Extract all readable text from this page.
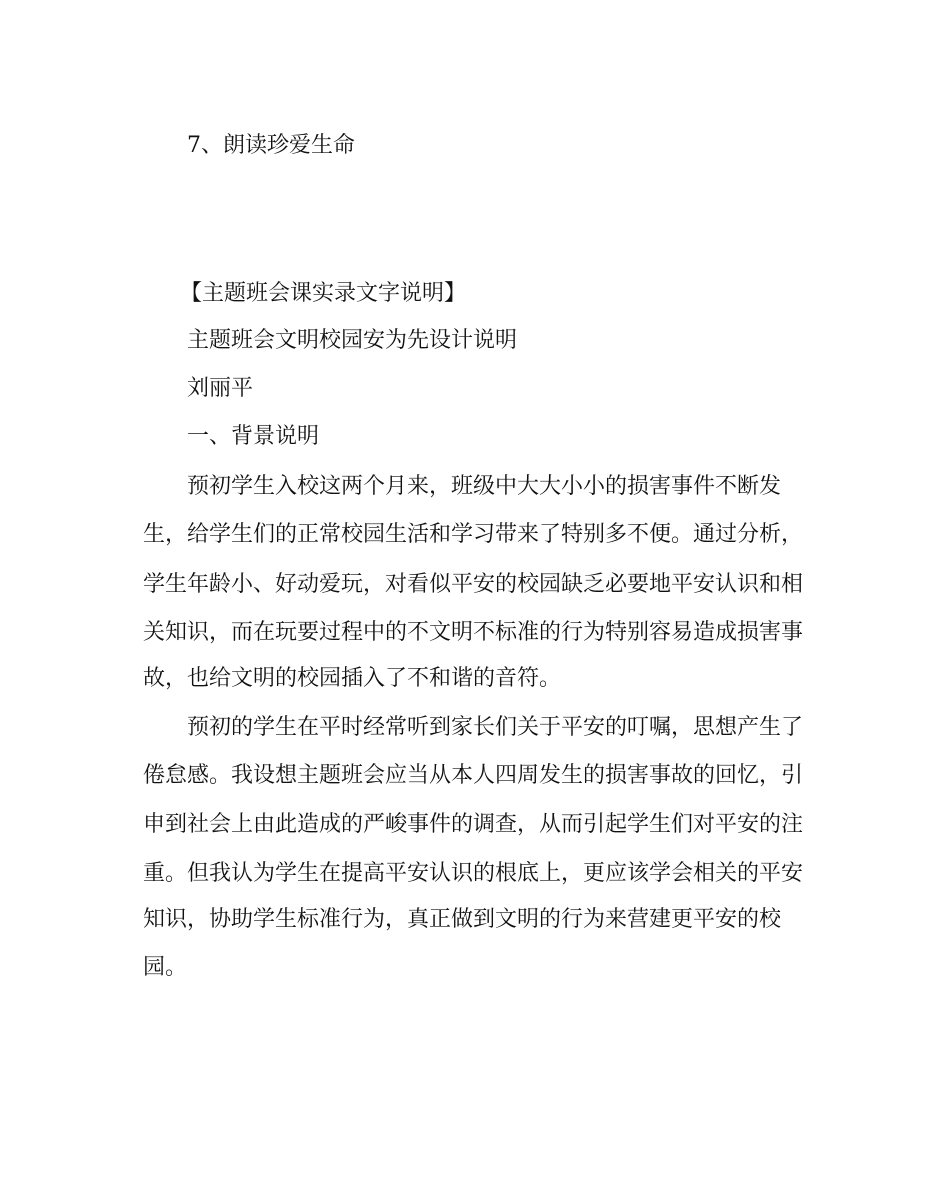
7、朗读珍爱生命
【主题班会课实录文字说明】
主题班会文明校园安为先设计说明
刘丽平
一、背景说明
预初学生入校这两个月来，班级中大大小小的损害事件不断发
生，给学生们的正常校园生活和学习带来了特别多不便。通过分析，
学生年龄小、好动爱玩，对看似平安的校园缺乏必要地平安认识和相
关知识，而在玩要过程中的不文明不标准的行为特别容易造成损害事
故，也给文明的校园插入了不和谐的音符。
预初的学生在平时经常听到家长们关于平安的叮嘱，思想产生了
倦怠感。我设想主题班会应当从本人四周发生的损害事故的回忆，引
申到社会上由此造成的严峻事件的调查，从而引起学生们对平安的注
重。但我认为学生在提高平安认识的根底上，更应该学会相关的平安
知识，协助学生标准行为，真正做到文明的行为来营建更平安的校
园。
